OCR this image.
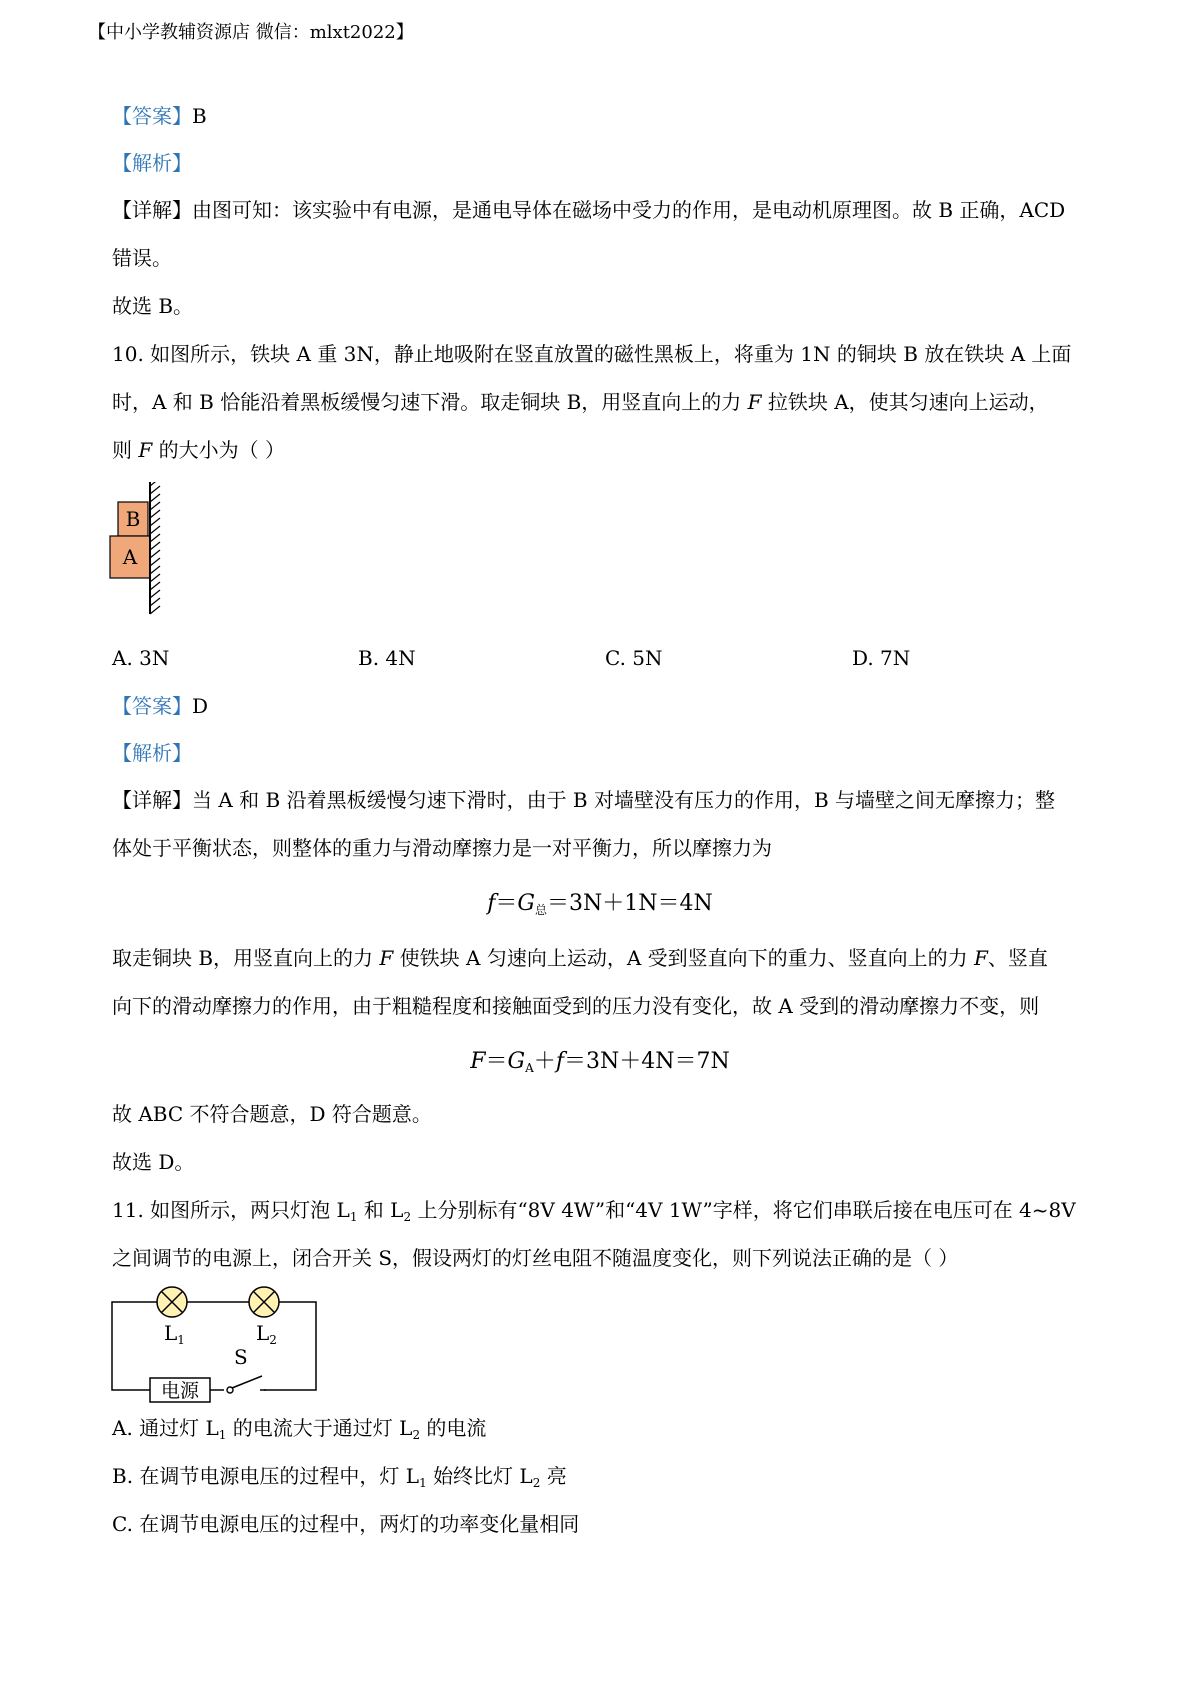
【中小学教辅资源店 微信：mlxt2022】
【答案】B
【解析】
【详解】由图可知：该实验中有电源，是通电导体在磁场中受力的作用，是电动机原理图。故 B 正确，ACD
错误。
故选 B。
10. 如图所示，铁块 A 重 3N，静止地吸附在竖直放置的磁性黑板上，将重为 1N 的铜块 B 放在铁块 A 上面
时，A 和 B 恰能沿着黑板缓慢匀速下滑。取走铜块 B，用竖直向上的力 F 拉铁块 A，使其匀速向上运动，
则 F 的大小为（ ）
B
A
A. 3N	B. 4N	C. 5N	D. 7N
【答案】D
【解析】
【详解】当 A 和 B 沿着黑板缓慢匀速下滑时，由于 B 对墙壁没有压力的作用，B 与墙壁之间无摩擦力；整
体处于平衡状态，则整体的重力与滑动摩擦力是一对平衡力，所以摩擦力为
$f=G_总=3N+1N=4N$
取走铜块 B，用竖直向上的力 F 使铁块 A 匀速向上运动，A 受到竖直向下的重力、竖直向上的力 F、竖直
向下的滑动摩擦力的作用，由于粗糙程度和接触面受到的压力没有变化，故 A 受到的滑动摩擦力不变，则
$F=G_A+f=3N+4N=7N$
故 ABC 不符合题意，D 符合题意。
故选 D。
11. 如图所示，两只灯泡 $L_1$ 和 $L_2$ 上分别标有“8V 4W”和“4V 1W”字样，将它们串联后接在电压可在 4~8V
之间调节的电源上，闭合开关 S，假设两灯的灯丝电阻不随温度变化，则下列说法正确的是（ ）
$L_1$	$L_2$
电源
S
A. 通过灯 $L_1$ 的电流大于通过灯 $L_2$ 的电流
B. 在调节电源电压的过程中，灯 $L_1$ 始终比灯 $L_2$ 亮
C. 在调节电源电压的过程中，两灯的功率变化量相同
